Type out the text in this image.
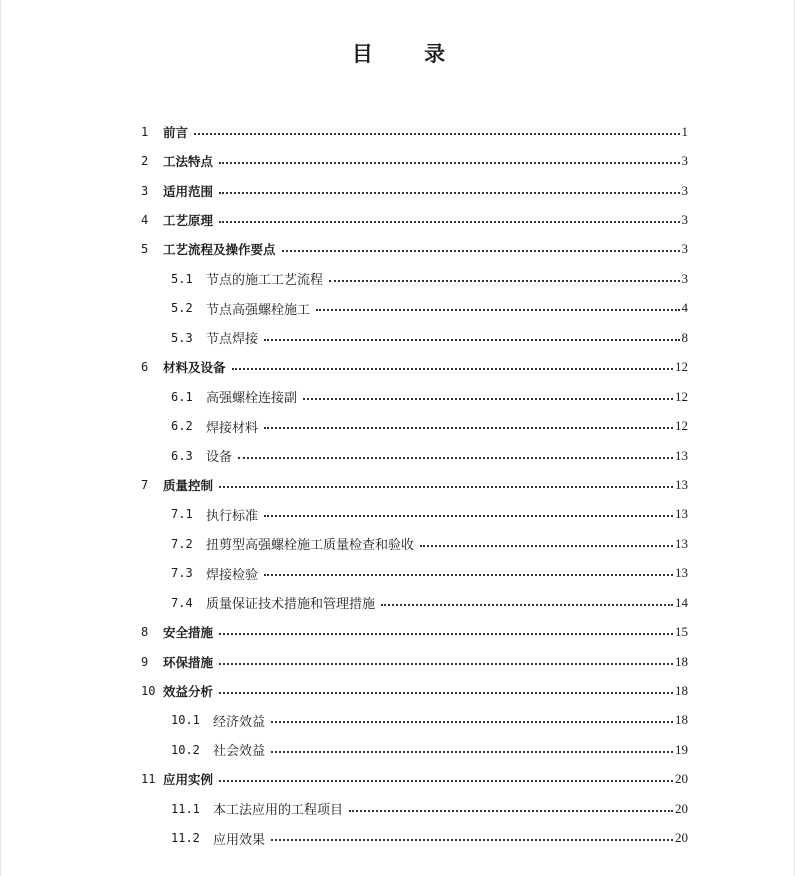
目 录
1	前言	1
2	工法特点	3
3	适用范围	3
4	工艺原理	3
5	工艺流程及操作要点	3
5.1	节点的施工工艺流程	3
5.2	节点高强螺栓施工	4
5.3	节点焊接	8
6	材料及设备	12
6.1	高强螺栓连接副	12
6.2	焊接材料	12
6.3	设备	13
7	质量控制	13
7.1	执行标准	13
7.2	扭剪型高强螺栓施工质量检查和验收	13
7.3	焊接检验	13
7.4	质量保证技术措施和管理措施	14
8	安全措施	15
9	环保措施	18
10 效益分析	18
10.1	经济效益	18
10.2	社会效益	19
11 应用实例	20
11.1	本工法应用的工程项目	20
11.2	应用效果	20
